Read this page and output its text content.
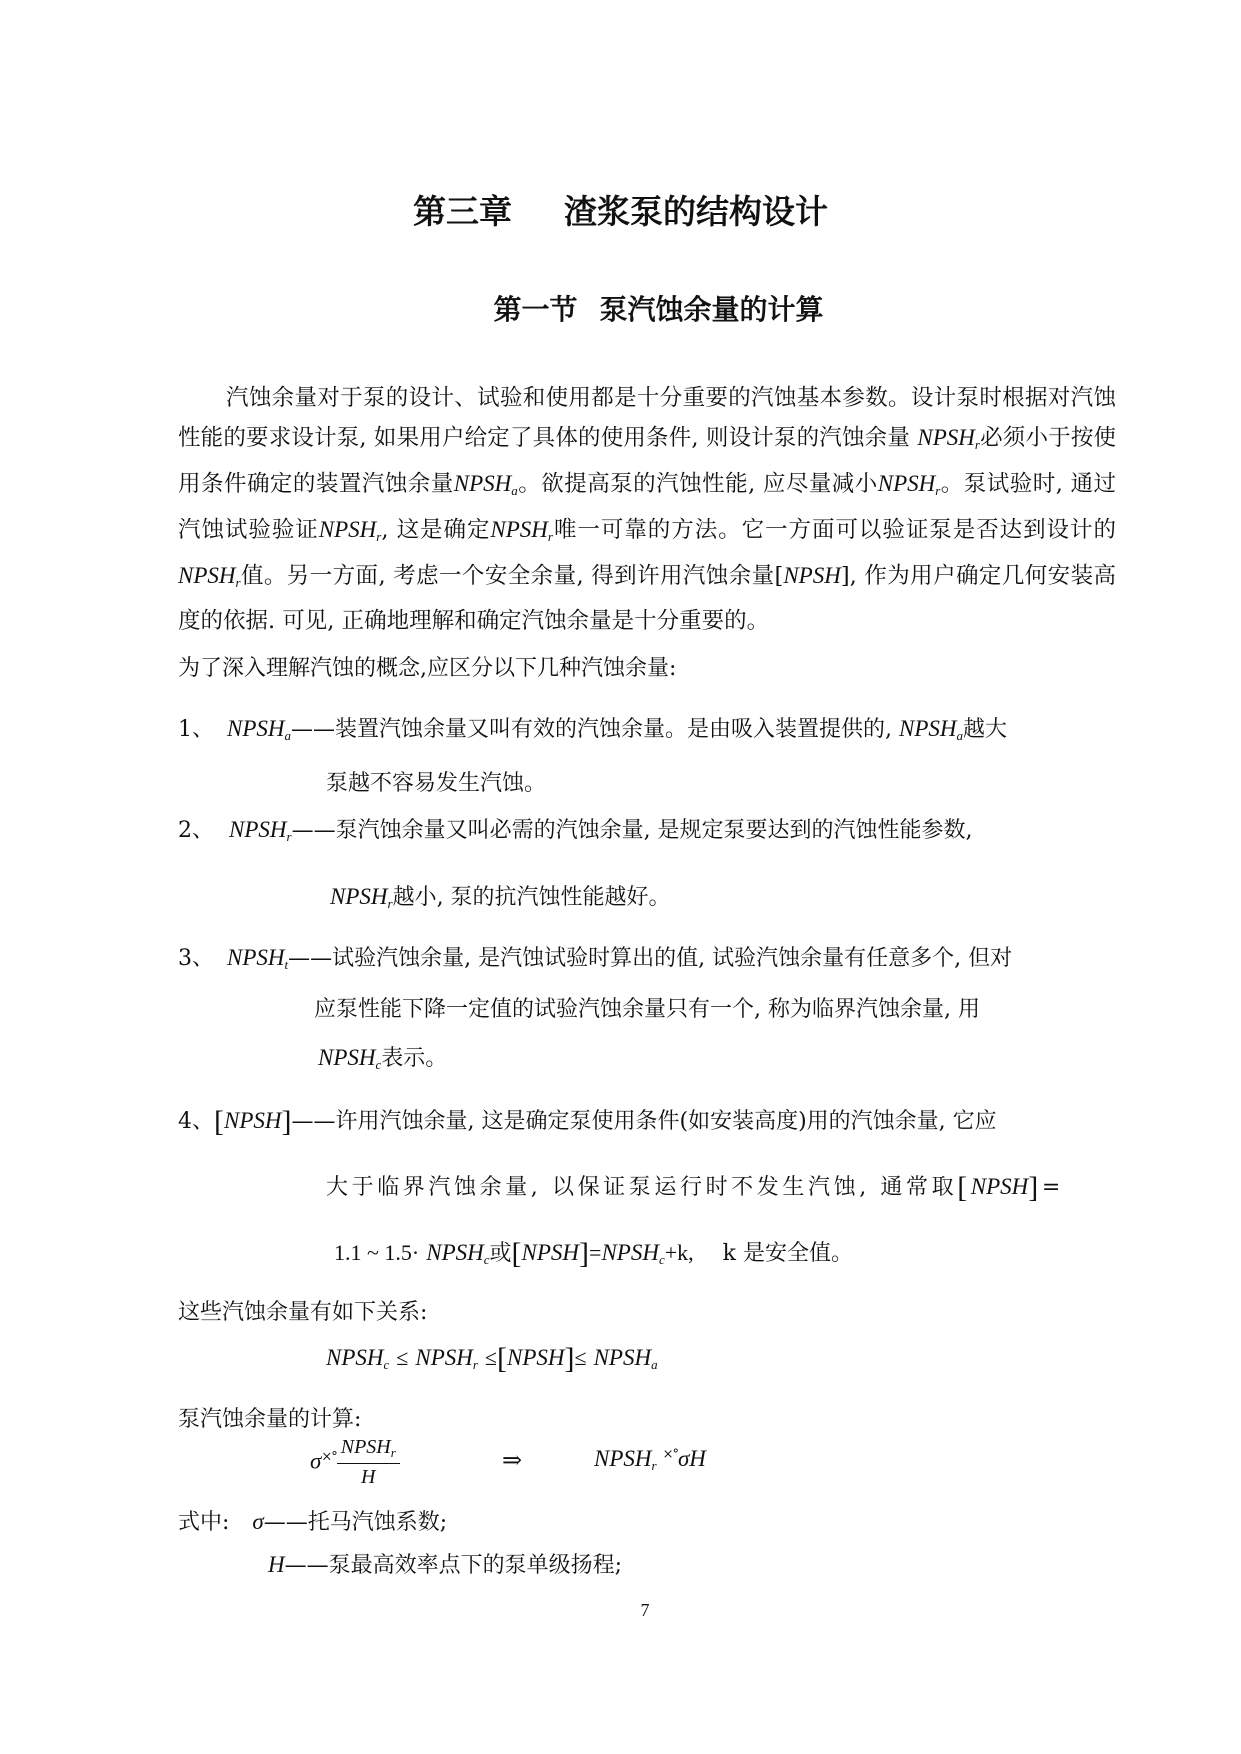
第三章 渣浆泵的结构设计
第一节 泵汽蚀余量的计算
汽蚀余量对于泵的设计、试验和使用都是十分重要的汽蚀基本参数。设计泵时根据对汽蚀性能的要求设计泵, 如果用户给定了具体的使用条件, 则设计泵的汽蚀余量 $NPSH_r$必须小于按使用条件确定的装置汽蚀余量$NPSH_a$。欲提高泵的汽蚀性能, 应尽量减小$NPSH_r$。泵试验时, 通过汽蚀试验验证$NPSH_r$, 这是确定$NPSH_r$唯一可靠的方法。它一方面可以验证泵是否达到设计的$NPSH_r$值。另一方面, 考虑一个安全余量, 得到许用汽蚀余量[NPSH], 作为用户确定几何安装高度的依据. 可见, 正确地理解和确定汽蚀余量是十分重要的。
为了深入理解汽蚀的概念,应区分以下几种汽蚀余量:
1、 $NPSH_a——$装置汽蚀余量又叫有效的汽蚀余量。是由吸入装置提供的, $NPSH_a$越大
泵越不容易发生汽蚀。
2、 $NPSH_r——$泵汽蚀余量又叫必需的汽蚀余量, 是规定泵要达到的汽蚀性能参数,
$NPSH_r$越小, 泵的抗汽蚀性能越好。
3、 $NPSH_t——$试验汽蚀余量, 是汽蚀试验时算出的值, 试验汽蚀余量有任意多个, 但对
应泵性能下降一定值的试验汽蚀余量只有一个, 称为临界汽蚀余量, 用
$NPSH_c$表示。
4、[NPSH]——许用汽蚀余量, 这是确定泵使用条件(如安装高度)用的汽蚀余量, 它应
大于临界汽蚀余量, 以保证泵运行时不发生汽蚀, 通常取[NPSH]=
1.1 ~ $1.5\cdot NPSH_c$或$[NPSH]=NPSH_c+k$, k 是安全值。
这些汽蚀余量有如下关系:
$NPSH_c$ ≤ $NPSH_r$ ≤[NPSH]≤ $NPSH_a$
泵汽蚀余量的计算:
$\sigma^{\times^\circ} \frac{NPSH_r}{H}$	⇒	$NPSH_r^{\times^\circ}\sigma H$
式中: σ——托马汽蚀系数;
H——泵最高效率点下的泵单级扬程;
7
